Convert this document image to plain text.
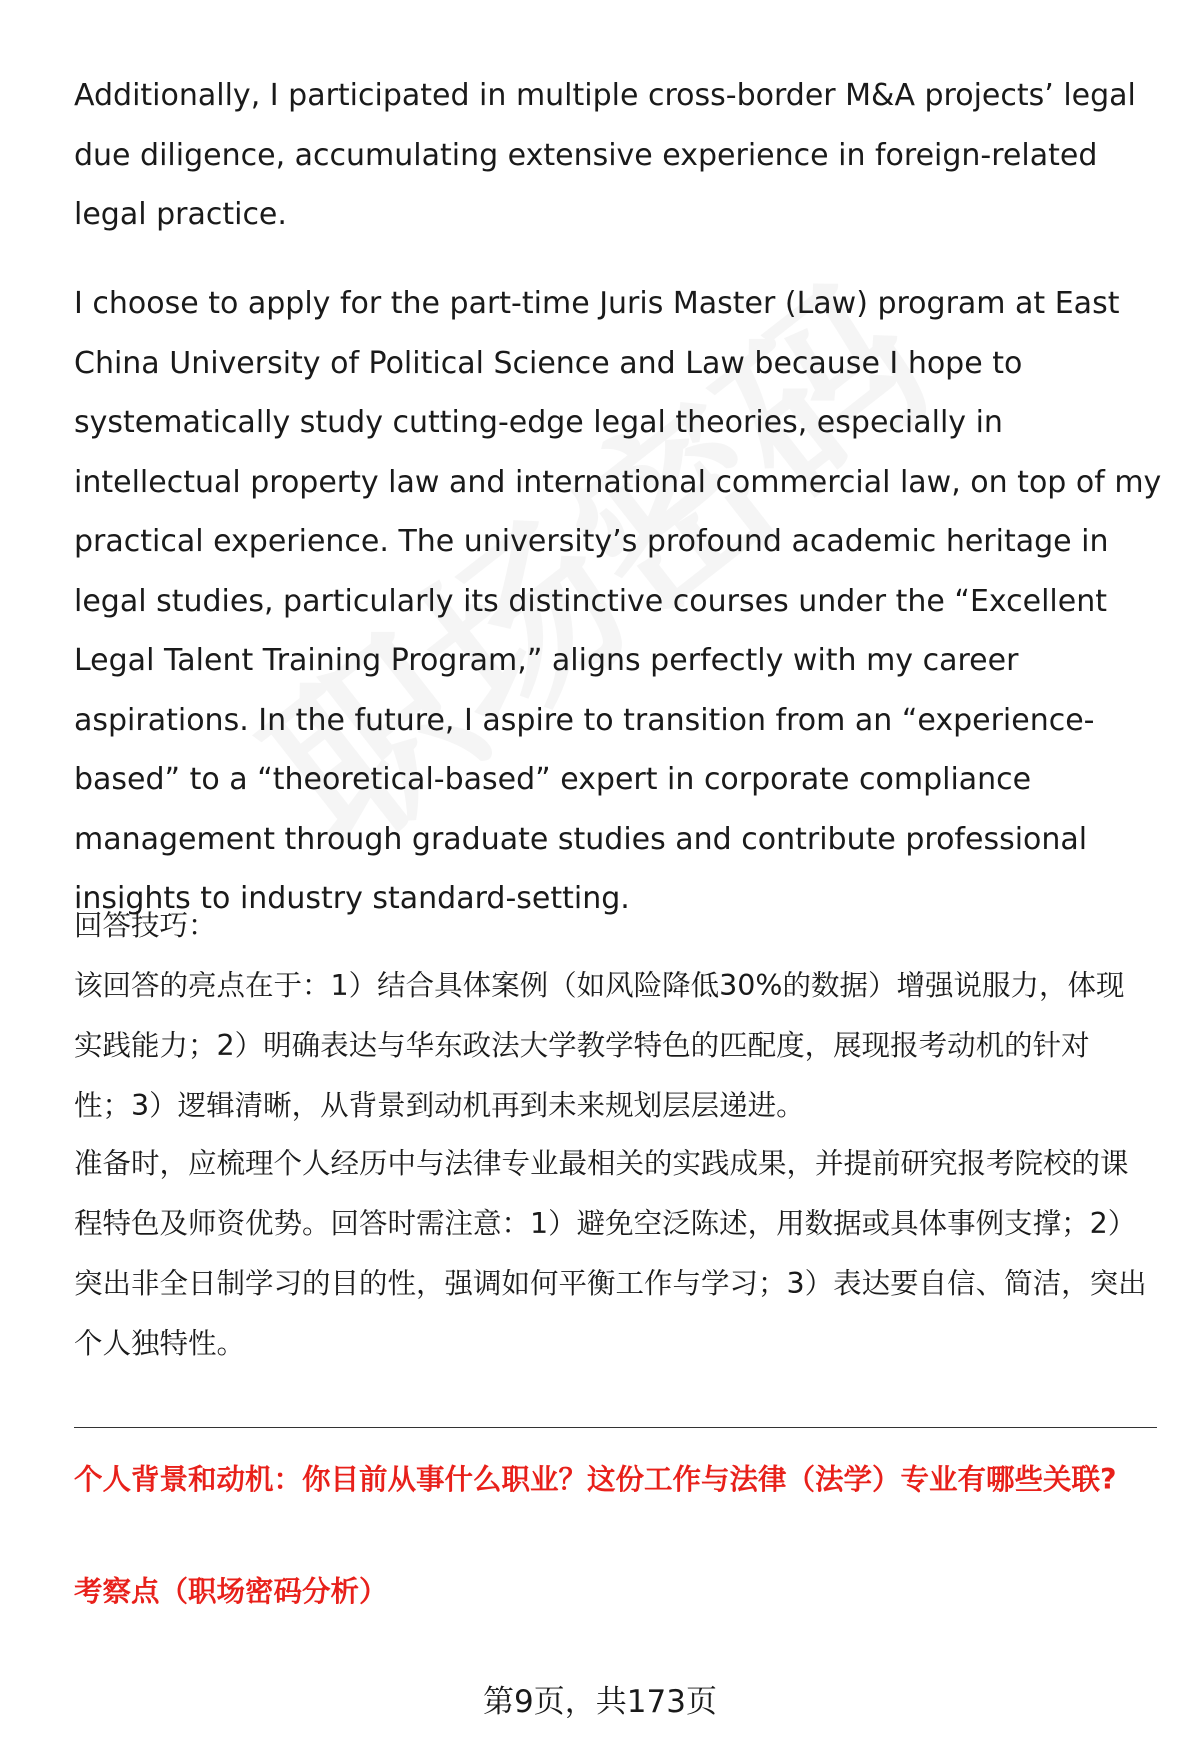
Additionally, I participated in multiple cross-border M&A projects’ legal due diligence, accumulating extensive experience in foreign-related legal practice.

I choose to apply for the part-time Juris Master (Law) program at East China University of Political Science and Law because I hope to systematically study cutting-edge legal theories, especially in intellectual property law and international commercial law, on top of my practical experience. The university’s profound academic heritage in legal studies, particularly its distinctive courses under the “Excellent Legal Talent Training Program,” aligns perfectly with my career aspirations. In the future, I aspire to transition from an “experience-based” to a “theoretical-based” expert in corporate compliance management through graduate studies and contribute professional insights to industry standard-setting.

回答技巧：

该回答的亮点在于：1）结合具体案例（如风险降低30%的数据）增强说服力，体现实践能力；2）明确表达与华东政法大学教学特色的匹配度，展现报考动机的针对性；3）逻辑清晰，从背景到动机再到未来规划层层递进。

准备时，应梳理个人经历中与法律专业最相关的实践成果，并提前研究报考院校的课程特色及师资优势。回答时需注意：1）避免空泛陈述，用数据或具体事例支撑；2）突出非全日制学习的目的性，强调如何平衡工作与学习；3）表达要自信、简洁，突出个人独特性。

个人背景和动机：你目前从事什么职业？这份工作与法律（法学）专业有哪些关联?

考察点（职场密码分析）

第9页，共173页
